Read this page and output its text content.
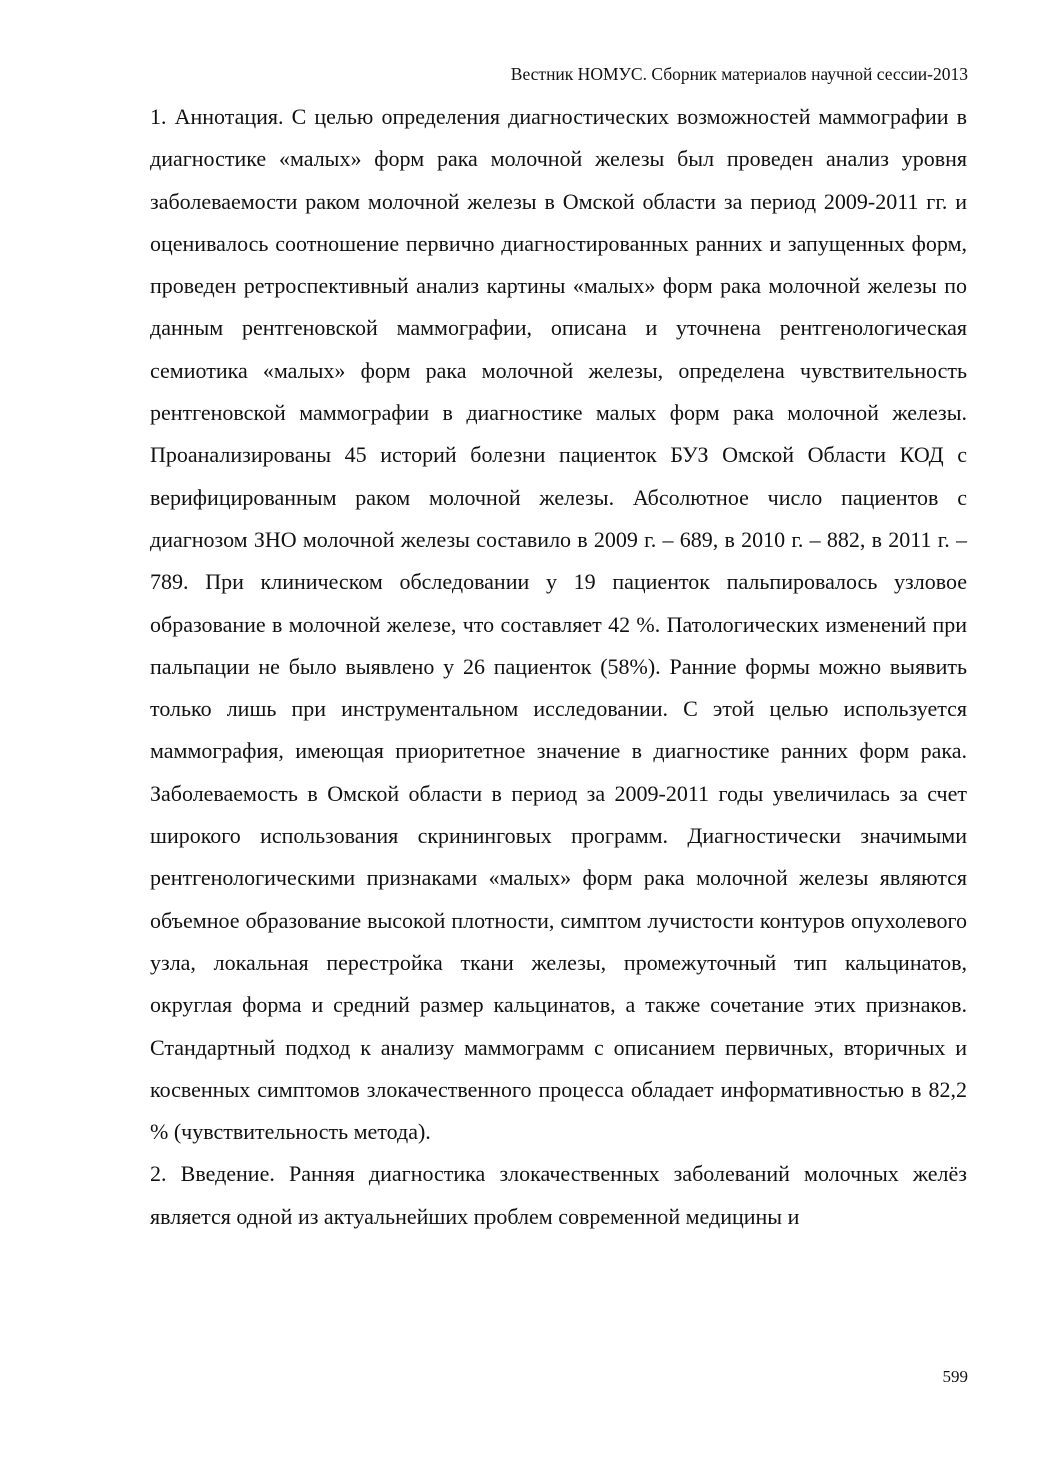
Вестник НОМУС. Сборник материалов научной сессии-2013

1. Аннотация. С целью определения диагностических возможностей маммографии в диагностике «малых» форм рака молочной железы был проведен анализ уровня заболеваемости раком молочной железы в Омской области за период 2009-2011 гг. и оценивалось соотношение первично диагностированных ранних и запущенных форм, проведен ретроспективный анализ картины «малых» форм рака молочной железы по данным рентгеновской маммографии, описана и уточнена рентгенологическая семиотика «малых» форм рака молочной железы, определена чувствительность рентгеновской маммографии в диагностике малых форм рака молочной железы. Проанализированы 45 историй болезни пациенток БУЗ Омской Области КОД с верифицированным раком молочной железы. Абсолютное число пациентов с диагнозом ЗНО молочной железы составило в 2009 г. – 689, в 2010 г. – 882, в 2011 г. – 789. При клиническом обследовании у 19 пациенток пальпировалось узловое образование в молочной железе, что составляет 42 %. Патологических изменений при пальпации не было выявлено у 26 пациенток (58%). Ранние формы можно выявить только лишь при инструментальном исследовании. С этой целью используется маммография, имеющая приоритетное значение в диагностике ранних форм рака. Заболеваемость в Омской области в период за 2009-2011 годы увеличилась за счет широкого использования скрининговых программ. Диагностически значимыми рентгенологическими признаками «малых» форм рака молочной железы являются объемное образование высокой плотности, симптом лучистости контуров опухолевого узла, локальная перестройка ткани железы, промежуточный тип кальцинатов, округлая форма и средний размер кальцинатов, а также сочетание этих признаков. Стандартный подход к анализу маммограмм с описанием первичных, вторичных и косвенных симптомов злокачественного процесса обладает информативностью в 82,2 % (чувствительность метода).

2. Введение. Ранняя диагностика злокачественных заболеваний молочных желёз является одной из актуальнейших проблем современной медицины и

599
